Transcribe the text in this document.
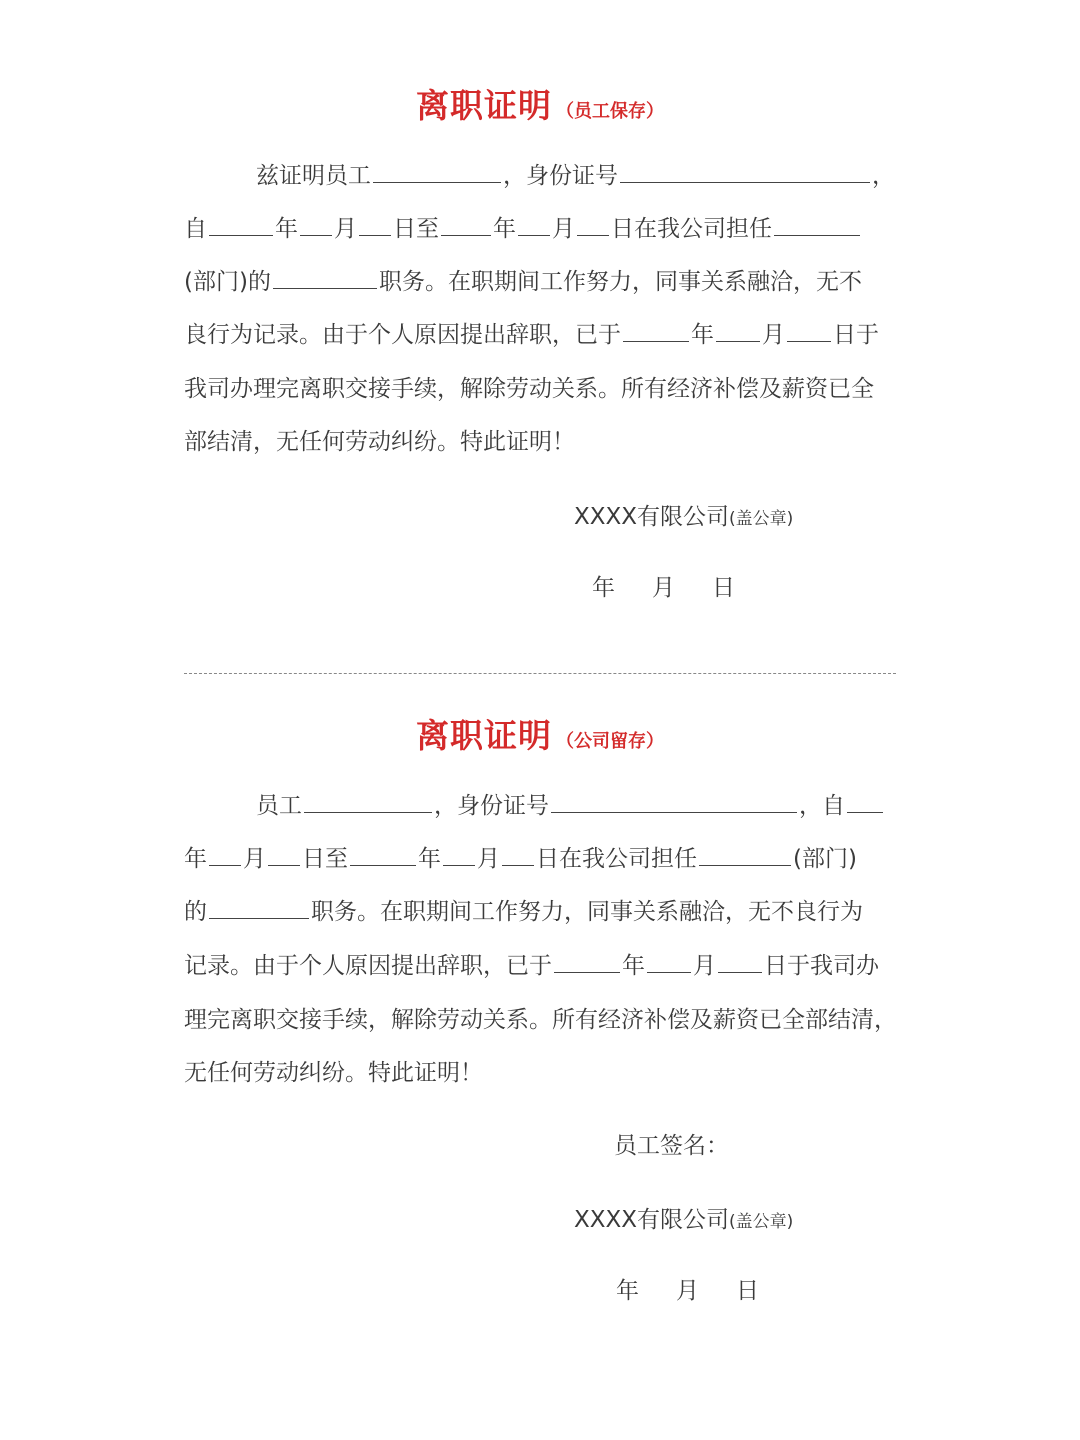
离职证明 （员工保存）
兹证明员工	，身份证号	，
自	年 月 日至 年 月 日在我公司担任
(部门)的	职务。在职期间工作努力，同事关系融洽，无不
良行为记录。由于个人原因提出辞职，已于	年 月 日于
我司办理完离职交接手续，解除劳动关系。所有经济补偿及薪资已全
部结清，无任何劳动纠纷。特此证明！
XXXX有限公司(盖公章)
年 月 日
离职证明 （公司留存）
员工	，身份证号	，自
年 月 日至	年 月 日在我公司担任	(部门)
的	职务。在职期间工作努力，同事关系融洽，无不良行为
记录。由于个人原因提出辞职，已于	年 月 日于我司办
理完离职交接手续，解除劳动关系。所有经济补偿及薪资已全部结清，
无任何劳动纠纷。特此证明！
员工签名：
XXXX有限公司(盖公章)
年 月 日
